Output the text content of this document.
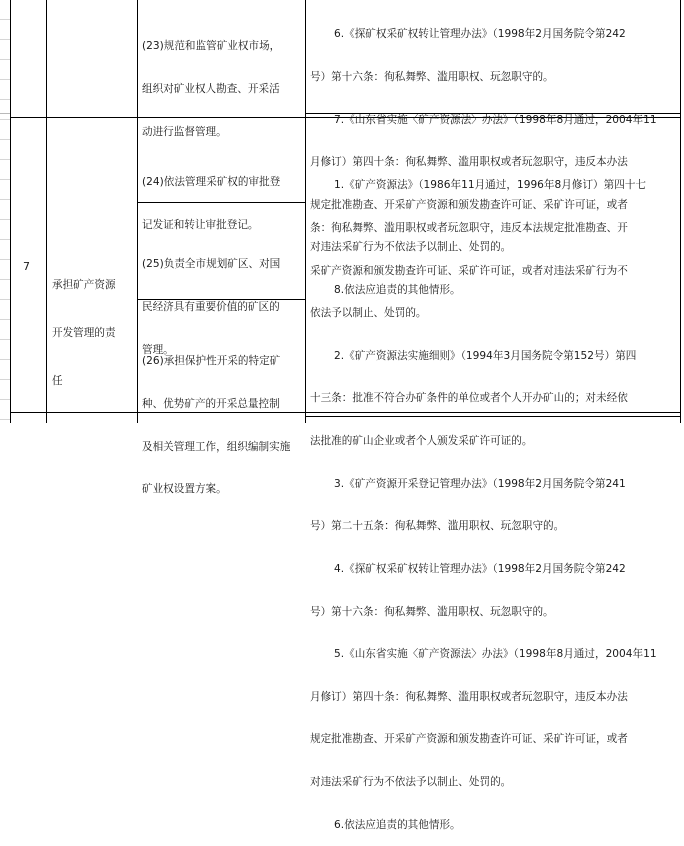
(23)规范和监管矿业权市场，

组织对矿业权人勘查、开采活

动进行监督管理。

6.《探矿权采矿权转让管理办法》（1998年2月国务院令第242

号）第十六条：徇私舞弊、滥用职权、玩忽职守的。

7.《山东省实施〈矿产资源法〉办法》（1998年8月通过，2004年11

月修订）第四十条：徇私舞弊、滥用职权或者玩忽职守，违反本办法

规定批准勘查、开采矿产资源和颁发勘查许可证、采矿许可证，或者

对违法采矿行为不依法予以制止、处罚的。

8.依法应追责的其他情形。

7

承担矿产资源

开发管理的责

任

(24)依法管理采矿权的审批登

记发证和转让审批登记。

(25)负责全市规划矿区、对国

民经济具有重要价值的矿区的

管理。

(26)承担保护性开采的特定矿

种、优势矿产的开采总量控制

及相关管理工作，组织编制实施

矿业权设置方案。

1.《矿产资源法》（1986年11月通过，1996年8月修订）第四十七

条：徇私舞弊、滥用职权或者玩忽职守，违反本法规定批准勘查、开

采矿产资源和颁发勘查许可证、采矿许可证，或者对违法采矿行为不

依法予以制止、处罚的。

2.《矿产资源法实施细则》（1994年3月国务院令第152号）第四

十三条：批准不符合办矿条件的单位或者个人开办矿山的；对未经依

法批准的矿山企业或者个人颁发采矿许可证的。

3.《矿产资源开采登记管理办法》（1998年2月国务院令第241

号）第二十五条：徇私舞弊、滥用职权、玩忽职守的。

4.《探矿权采矿权转让管理办法》（1998年2月国务院令第242

号）第十六条：徇私舞弊、滥用职权、玩忽职守的。

5.《山东省实施〈矿产资源法〉办法》（1998年8月通过，2004年11

月修订）第四十条：徇私舞弊、滥用职权或者玩忽职守，违反本办法

规定批准勘查、开采矿产资源和颁发勘查许可证、采矿许可证，或者

对违法采矿行为不依法予以制止、处罚的。

6.依法应追责的其他情形。
